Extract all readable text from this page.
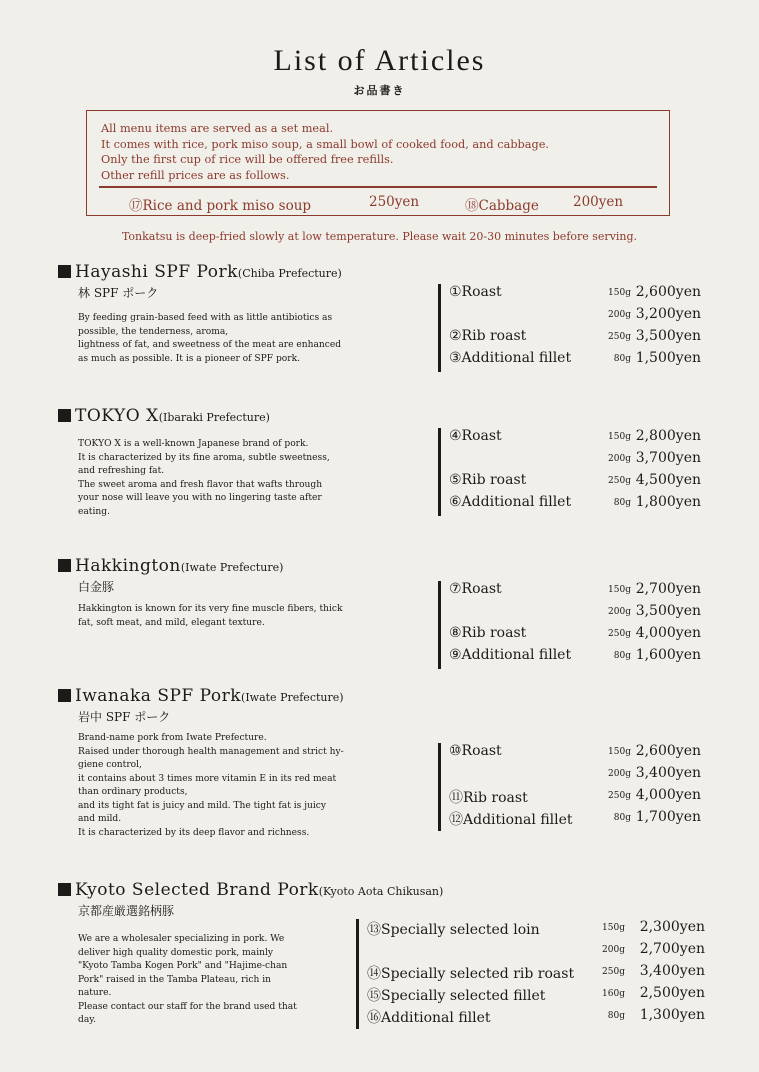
List of Articles
お品書き
All menu items are served as a set meal.
It comes with rice, pork miso soup, a small bowl of cooked food, and cabbage.
Only the first cup of rice will be offered free refills.
Other refill prices are as follows.
⑰Rice and pork miso soup	250yen	⑱Cabbage	200yen
Tonkatsu is deep-fried slowly at low temperature. Please wait 20-30 minutes before serving.
Hayashi SPF Pork(Chiba Prefecture)
林 SPF ポーク
By feeding grain-based feed with as little antibiotics as
possible, the tenderness, aroma,
lightness of fat, and sweetness of the meat are enhanced
as much as possible. It is a pioneer of SPF pork.
①Roast	150g 2,600yen
200g 3,200yen
②Rib roast	250g 3,500yen
③Additional fillet	80g 1,500yen
TOKYO X(Ibaraki Prefecture)
TOKYO X is a well-known Japanese brand of pork.
It is characterized by its fine aroma, subtle sweetness,
and refreshing fat.
The sweet aroma and fresh flavor that wafts through
your nose will leave you with no lingering taste after
eating.
④Roast	150g 2,800yen
200g 3,700yen
⑤Rib roast	250g 4,500yen
⑥Additional fillet	80g 1,800yen
Hakkington(Iwate Prefecture)
白金豚
Hakkington is known for its very fine muscle fibers, thick
fat, soft meat, and mild, elegant texture.
⑦Roast	150g 2,700yen
200g 3,500yen
⑧Rib roast	250g 4,000yen
⑨Additional fillet	80g 1,600yen
Iwanaka SPF Pork(Iwate Prefecture)
岩中 SPF ポーク
Brand-name pork from Iwate Prefecture.
Raised under thorough health management and strict hy-
giene control,
it contains about 3 times more vitamin E in its red meat
than ordinary products,
and its tight fat is juicy and mild. The tight fat is juicy
and mild.
It is characterized by its deep flavor and richness.
⑩Roast	150g 2,600yen
200g 3,400yen
⑪Rib roast	250g 4,000yen
⑫Additional fillet	80g 1,700yen
Kyoto Selected Brand Pork(Kyoto Aota Chikusan)
京都産厳選銘柄豚
We are a wholesaler specializing in pork. We
deliver high quality domestic pork, mainly
"Kyoto Tamba Kogen Pork" and "Hajime-chan
Pork" raised in the Tamba Plateau, rich in
nature.
Please contact our staff for the brand used that
day.
⑬Specially selected loin	150g	2,300yen
200g	2,700yen
⑭Specially selected rib roast	250g	3,400yen
⑮Specially selected fillet	160g	2,500yen
⑯Additional fillet	80g	1,300yen
